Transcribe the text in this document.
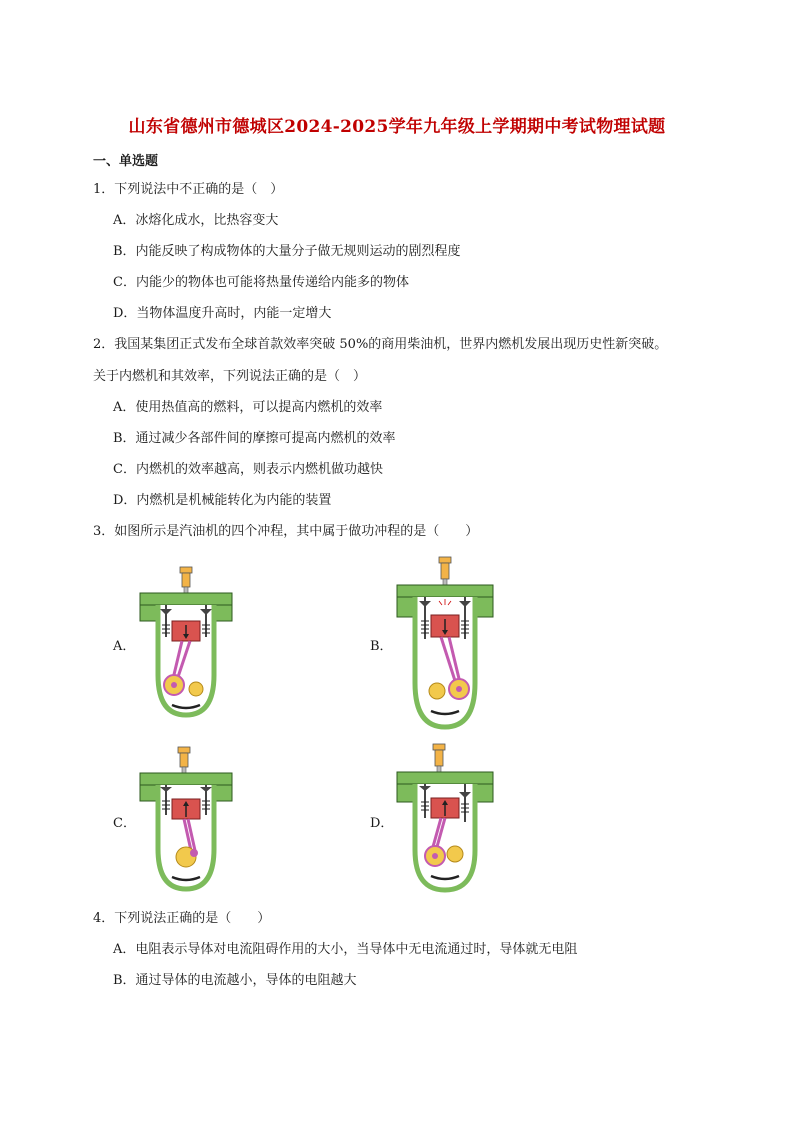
山东省德州市德城区2024-2025学年九年级上学期期中考试物理试题
一、单选题
1．下列说法中不正确的是（　）
A．冰熔化成水，比热容变大
B．内能反映了构成物体的大量分子做无规则运动的剧烈程度
C．内能少的物体也可能将热量传递给内能多的物体
D．当物体温度升高时，内能一定增大
2．我国某集团正式发布全球首款效率突破 50%的商用柴油机，世界内燃机发展出现历史性新突破。
关于内燃机和其效率，下列说法正确的是（　）
A．使用热值高的燃料，可以提高内燃机的效率
B．通过减少各部件间的摩擦可提高内燃机的效率
C．内燃机的效率越高，则表示内燃机做功越快
D．内燃机是机械能转化为内能的装置
3．如图所示是汽油机的四个冲程，其中属于做功冲程的是（　　）
A．	B．
C．	D．
4．下列说法正确的是（　　）
A．电阻表示导体对电流阻碍作用的大小，当导体中无电流通过时，导体就无电阻
B．通过导体的电流越小，导体的电阻越大
